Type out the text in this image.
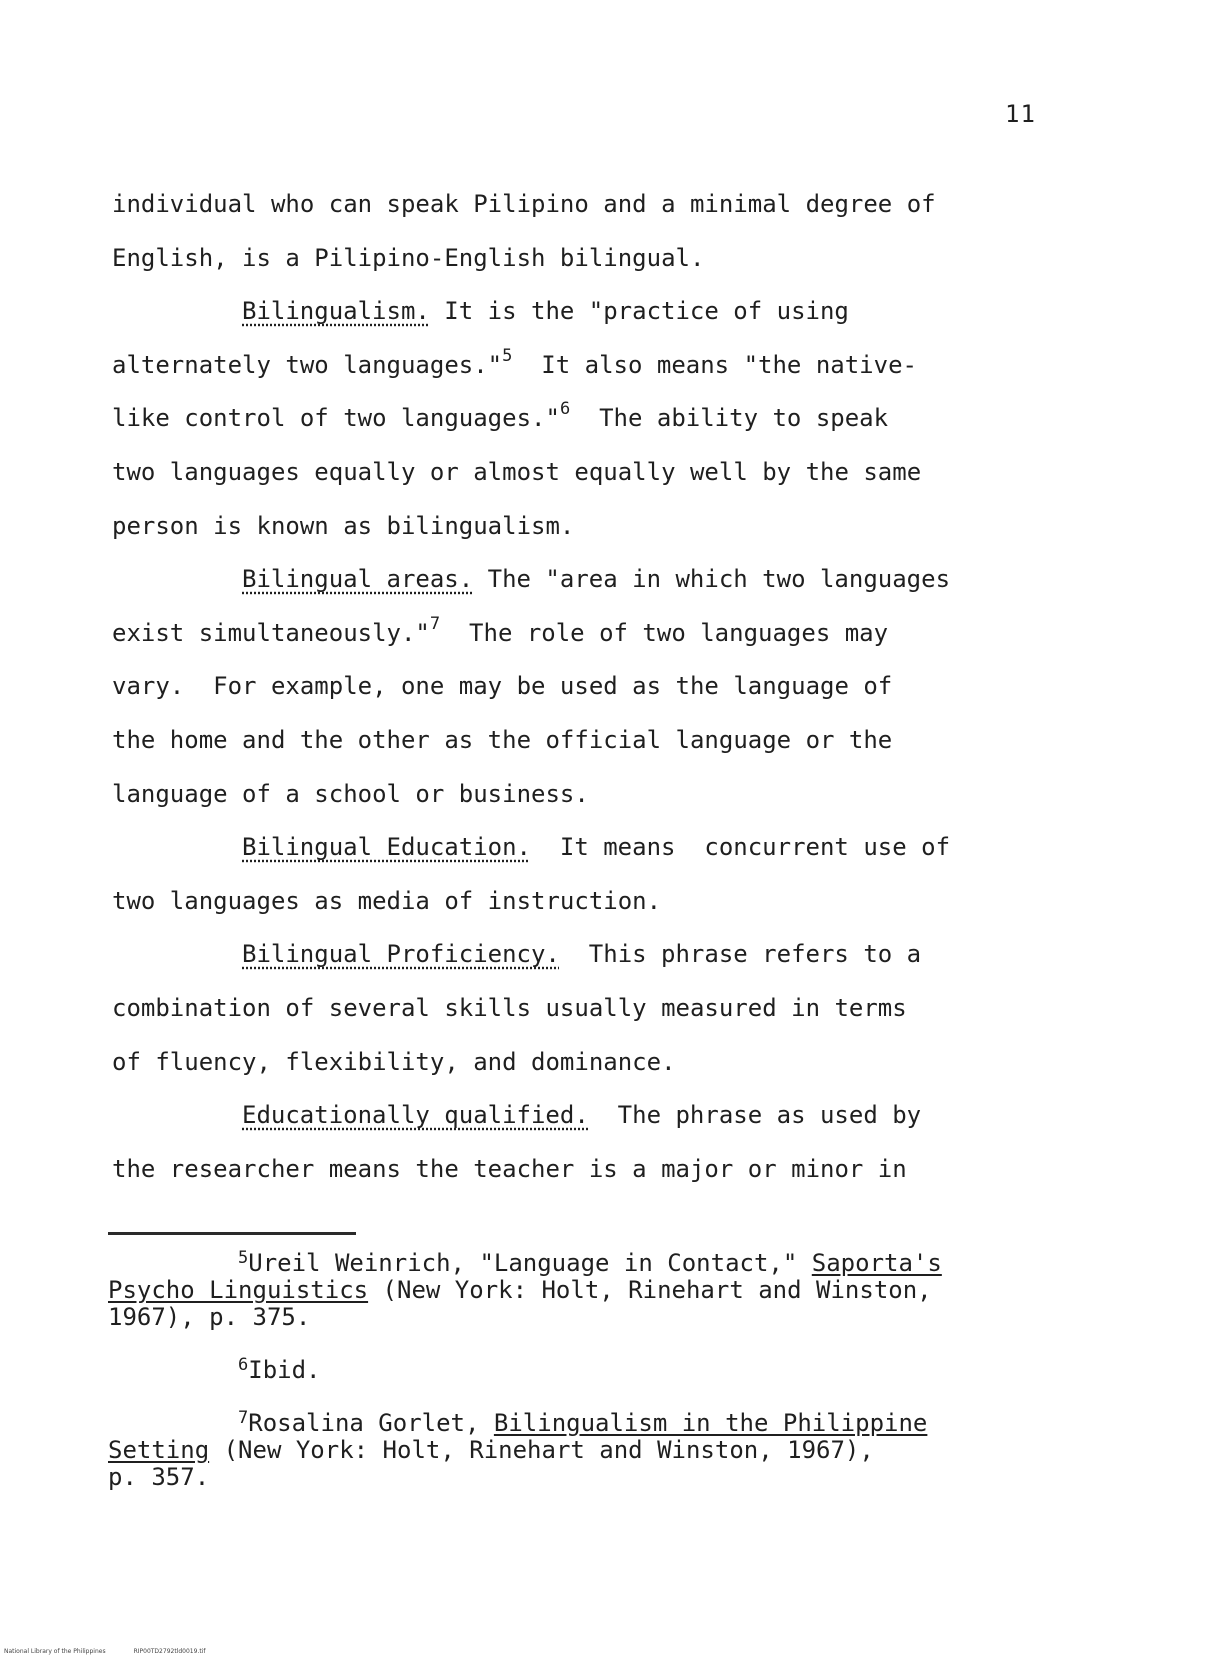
11
individual who can speak Pilipino and a minimal degree of
English, is a Pilipino-English bilingual.
Bilingualism. It is the "practice of using
alternately two languages."$^5$  It also means "the native-
like control of two languages."$^6$  The ability to speak
two languages equally or almost equally well by the same
person is known as bilingualism.
Bilingual areas. The "area in which two languages
exist simultaneously."$^7$  The role of two languages may
vary.  For example, one may be used as the language of
the home and the other as the official language or the
language of a school or business.
Bilingual Education.  It means  concurrent use of
two languages as media of instruction.
Bilingual Proficiency.  This phrase refers to a
combination of several skills usually measured in terms
of fluency, flexibility, and dominance.
Educationally qualified.  The phrase as used by
the researcher means the teacher is a major or minor in
$^5$Ureil Weinrich, "Language in Contact," Saporta's
Psycho Linguistics (New York: Holt, Rinehart and Winston,
1967), p. 375.
$^6$Ibid.
$^7$Rosalina Gorlet, Bilingualism in the Philippine
Setting (New York: Holt, Rinehart and Winston, 1967),
p. 357.
National Library of the Philippines	RIP00TD2792tld0019.tif
